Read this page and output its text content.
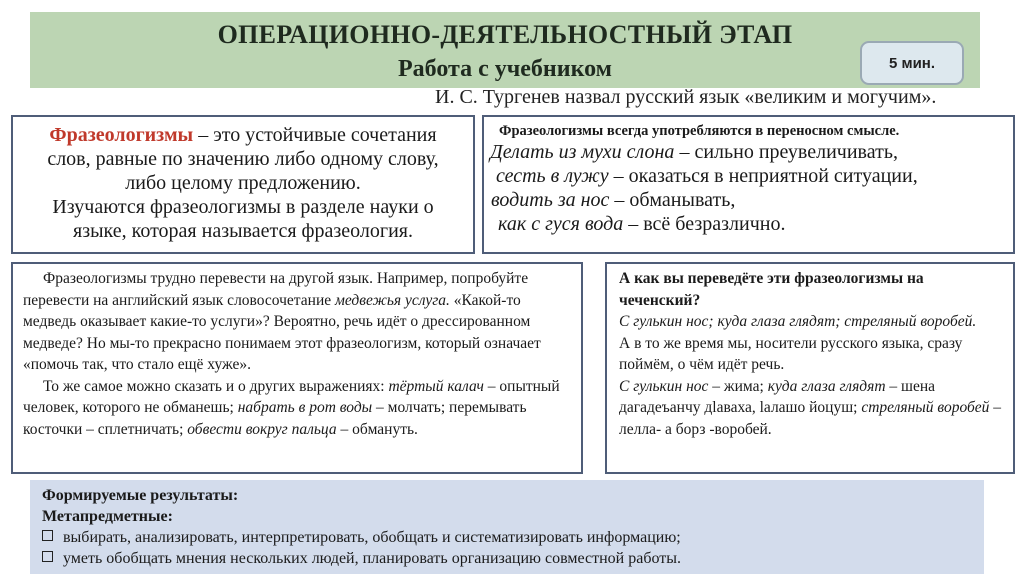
ОПЕРАЦИОННО-ДЕЯТЕЛЬНОСТНЫЙ ЭТАП
Работа с учебником	5 мин.
И. С. Тургенев назвал русский язык «великим и могучим».
Фразеологизмы – это устойчивые сочетания
слов, равные по значению либо одному слову,
либо целому предложению.
Изучаются фразеологизмы в разделе науки о
языке, которая называется фразеология.
Фразеологизмы всегда употребляются в переносном смысле.
Делать из мухи слона – сильно преувеличивать,
сесть в лужу – оказаться в неприятной ситуации,
водить за нос – обманывать,
как с гуся вода – всё безразлично.
Фразеологизмы трудно перевести на другой язык. Например, попробуйте перевести на английский язык словосочетание медвежья услуга. «Какой-то медведь оказывает какие-то услуги»? Вероятно, речь идёт о дрессированном медведе? Но мы-то прекрасно понимаем этот фразеологизм, который означает «помочь так, что стало ещё хуже».
То же самое можно сказать и о других выражениях: тёртый калач – опытный человек, которого не обманешь; набрать в рот воды – молчать; перемывать косточки – сплетничать; обвести вокруг пальца – обмануть.
А как вы переведёте эти фразеологизмы на чеченский?
С гулькин нос; куда глаза глядят; стреляный воробей.
А в то же время мы, носители русского языка, сразу поймём, о чём идёт речь.
С гулькин нос – жима; куда глаза глядят – шена дагадеъанчу дlаваха, lалашо йоцуш; стреляный воробей – лелла- а борз -воробей.
Формируемые результаты:
Метапредметные:
выбирать, анализировать, интерпретировать, обобщать и систематизировать информацию;
уметь обобщать мнения нескольких людей, планировать организацию совместной работы.
